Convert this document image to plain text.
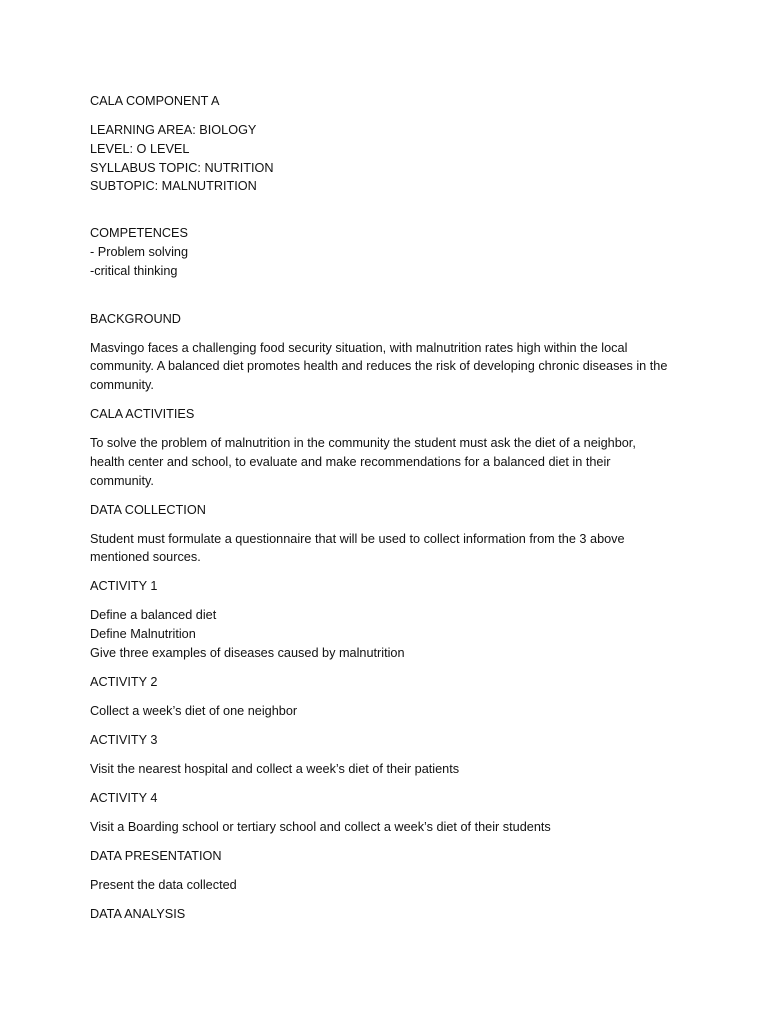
CALA COMPONENT A

LEARNING AREA: BIOLOGY
LEVEL: O LEVEL
SYLLABUS TOPIC: NUTRITION
SUBTOPIC: MALNUTRITION

COMPETENCES
- Problem solving
-critical thinking

BACKGROUND

Masvingo faces a challenging food security situation, with malnutrition rates high within the local
community. A balanced diet promotes health and reduces the risk of developing chronic diseases in the
community.

CALA ACTIVITIES

To solve the problem of malnutrition in the community the student must ask the diet of a neighbor,
health center and school, to evaluate and make recommendations for a balanced diet in their
community.

DATA COLLECTION

Student must formulate a questionnaire that will be used to collect information from the 3 above
mentioned sources.

ACTIVITY 1

Define a balanced diet
Define Malnutrition
Give three examples of diseases caused by malnutrition

ACTIVITY 2

Collect a week’s diet of one neighbor

ACTIVITY 3

Visit the nearest hospital and collect a week’s diet of their patients

ACTIVITY 4

Visit a Boarding school or tertiary school and collect a week’s diet of their students

DATA PRESENTATION

Present the data collected

DATA ANALYSIS
